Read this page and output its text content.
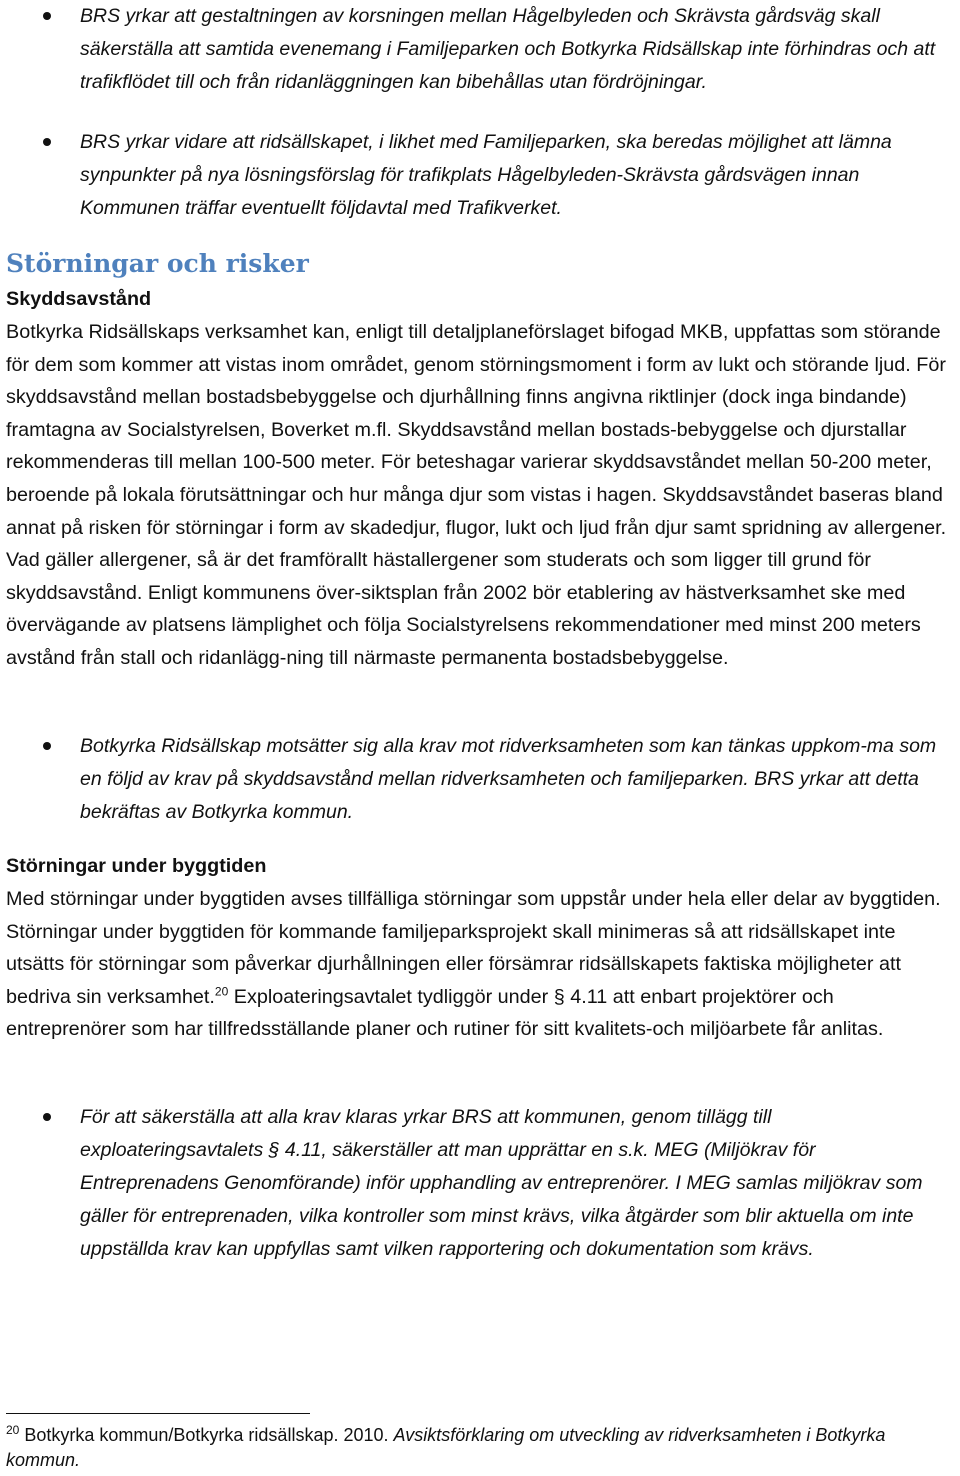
BRS yrkar att gestaltningen av korsningen mellan Hågelbyleden och Skrävsta gårdsväg skall säkerställa att samtida evenemang i Familjeparken och Botkyrka Ridsällskap inte förhindras och att trafikflödet till och från ridanläggningen kan bibehållas utan fördröjningar.
BRS yrkar vidare att ridsällskapet, i likhet med Familjeparken, ska beredas möjlighet att lämna synpunkter på nya lösningsförslag för trafikplats Hågelbyleden-Skrävsta gårdsvägen innan Kommunen träffar eventuellt följdavtal med Trafikverket.
Störningar och risker
Skyddsavstånd
Botkyrka Ridsällskaps verksamhet kan, enligt till detaljplaneförslaget bifogad MKB, uppfattas som störande för dem som kommer att vistas inom området, genom störningsmoment i form av lukt och störande ljud. För skyddsavstånd mellan bostadsbebyggelse och djurhållning finns angivna riktlinjer (dock inga bindande) framtagna av Socialstyrelsen, Boverket m.fl. Skyddsavstånd mellan bostads-bebyggelse och djurstallar rekommenderas till mellan 100-500 meter. För beteshagar varierar skyddsavståndet mellan 50-200 meter, beroende på lokala förutsättningar och hur många djur som vistas i hagen. Skyddsavståndet baseras bland annat på risken för störningar i form av skadedjur, flugor, lukt och ljud från djur samt spridning av allergener. Vad gäller allergener, så är det framförallt hästallergener som studerats och som ligger till grund för skyddsavstånd. Enligt kommunens över-siktsplan från 2002 bör etablering av hästverksamhet ske med övervägande av platsens lämplighet och följa Socialstyrelsens rekommendationer med minst 200 meters avstånd från stall och ridanlägg-ning till närmaste permanenta bostadsbebyggelse.
Botkyrka Ridsällskap motsätter sig alla krav mot ridverksamheten som kan tänkas uppkom-ma som en följd av krav på skyddsavstånd mellan ridverksamheten och familjeparken. BRS yrkar att detta bekräftas av Botkyrka kommun.
Störningar under byggtiden
Med störningar under byggtiden avses tillfälliga störningar som uppstår under hela eller delar av byggtiden. Störningar under byggtiden för kommande familjeparksprojekt skall minimeras så att ridsällskapet inte utsätts för störningar som påverkar djurhållningen eller försämrar ridsällskapets faktiska möjligheter att bedriva sin verksamhet.$^{20}$ Exploateringsavtalet tydliggör under § 4.11 att enbart projektörer och entreprenörer som har tillfredsställande planer och rutiner för sitt kvalitets-och miljöarbete får anlitas.
För att säkerställa att alla krav klaras yrkar BRS att kommunen, genom tillägg till exploateringsavtalets § 4.11, säkerställer att man upprättar en s.k. MEG (Miljökrav för Entreprenadens Genomförande) inför upphandling av entreprenörer. I MEG samlas miljökrav som gäller för entreprenaden, vilka kontroller som minst krävs, vilka åtgärder som blir aktuella om inte uppställda krav kan uppfyllas samt vilken rapportering och dokumentation som krävs.
$^{20}$ Botkyrka kommun/Botkyrka ridsällskap. 2010. Avsiktsförklaring om utveckling av ridverksamheten i Botkyrka kommun.
